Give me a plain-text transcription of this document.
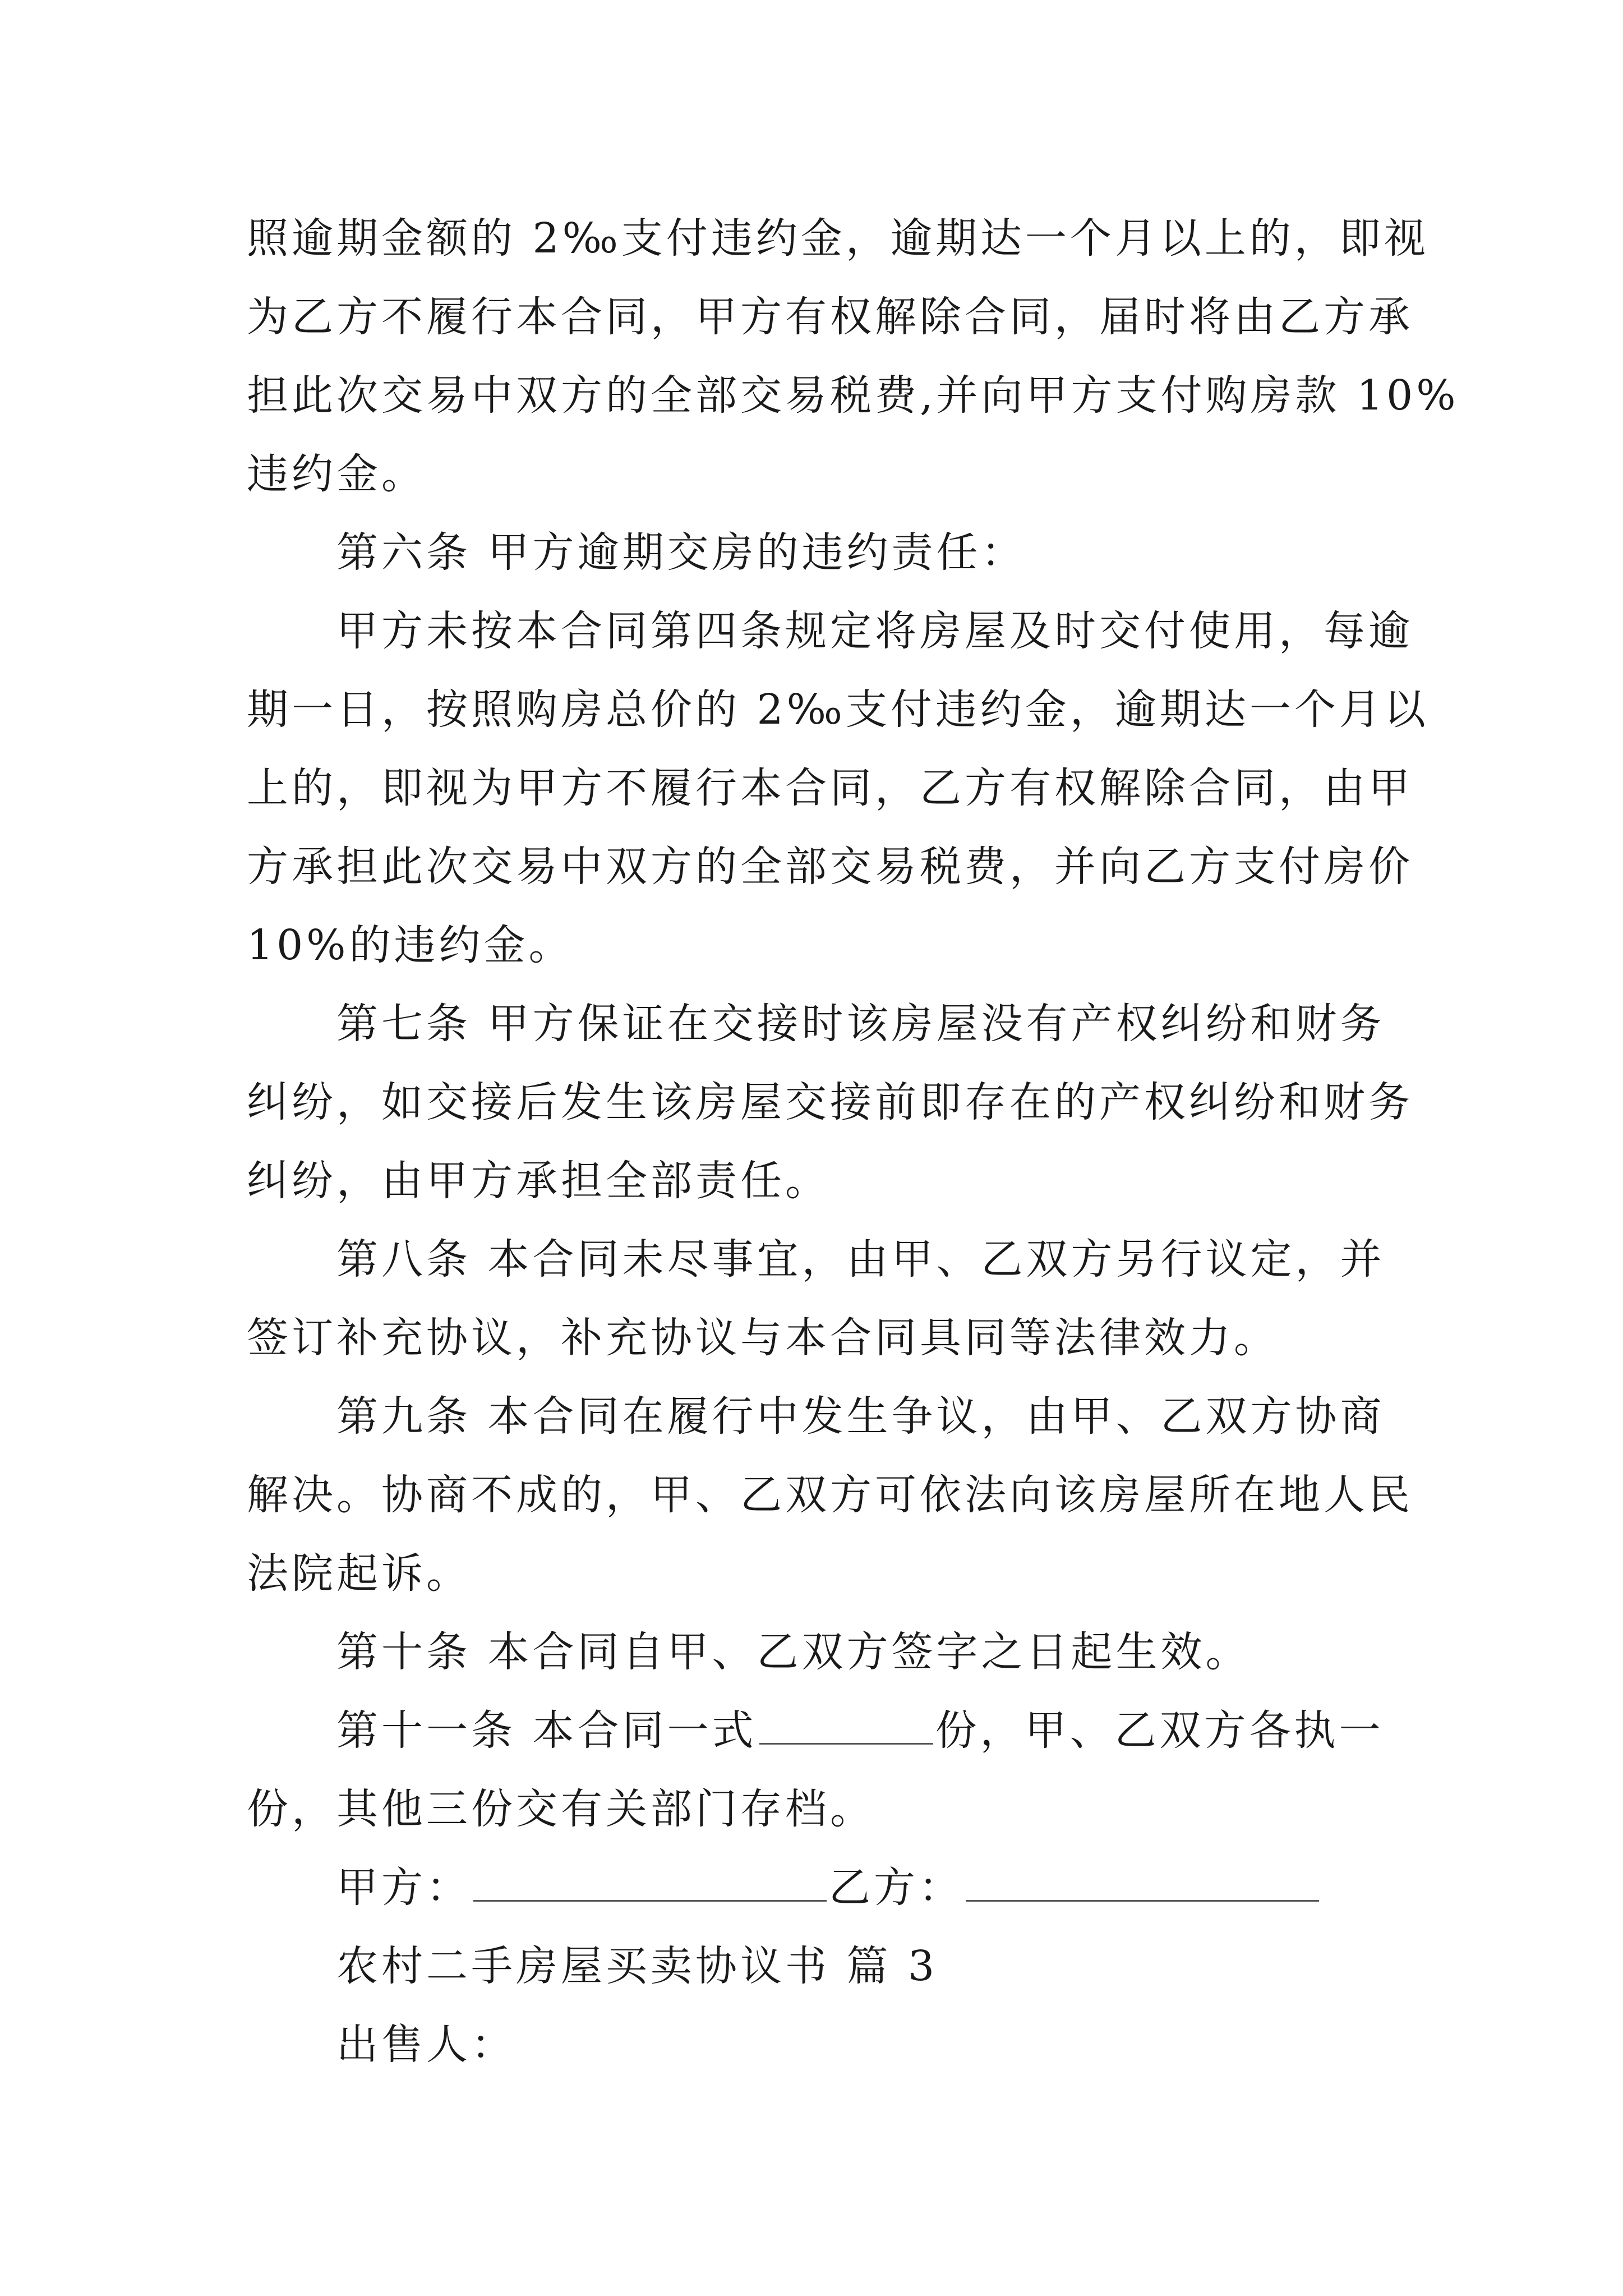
照逾期金额的 2‰支付违约金，逾期达一个月以上的，即视
为乙方不履行本合同，甲方有权解除合同，届时将由乙方承
担此次交易中双方的全部交易税费,并向甲方支付购房款 10%
违约金。
第六条 甲方逾期交房的违约责任：
甲方未按本合同第四条规定将房屋及时交付使用，每逾
期一日，按照购房总价的 2‰支付违约金，逾期达一个月以
上的，即视为甲方不履行本合同，乙方有权解除合同，由甲
方承担此次交易中双方的全部交易税费，并向乙方支付房价
10%的违约金。
第七条 甲方保证在交接时该房屋没有产权纠纷和财务
纠纷，如交接后发生该房屋交接前即存在的产权纠纷和财务
纠纷，由甲方承担全部责任。
第八条 本合同未尽事宜，由甲、乙双方另行议定，并
签订补充协议，补充协议与本合同具同等法律效力。
第九条 本合同在履行中发生争议，由甲、乙双方协商
解决。协商不成的，甲、乙双方可依法向该房屋所在地人民
法院起诉。
第十条 本合同自甲、乙双方签字之日起生效。
第十一条 本合同一式	份，甲、乙双方各执一
份，其他三份交有关部门存档。
甲方：	乙方：
农村二手房屋买卖协议书 篇 3
出售人：
